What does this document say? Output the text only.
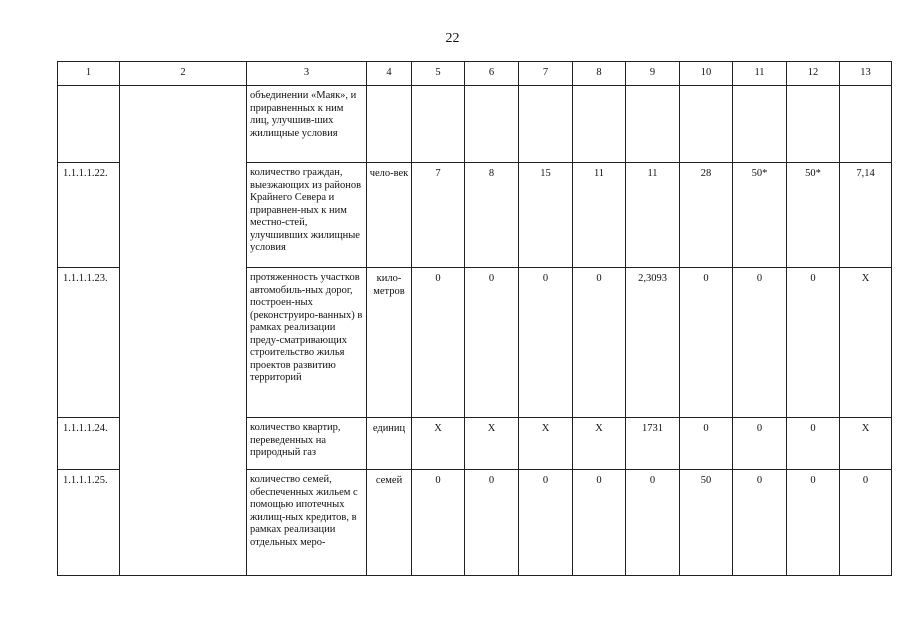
22
1	2	3	4	5	6	7	8	9	10	11	12	13
		объединении «Маяк», и приравненных к ним лиц, улучшив-ших жилищные условия										
1.1.1.1.22.		количество граждан, выезжающих из районов Крайнего Севера и приравнен-ных к ним местно-стей, улучшивших жилищные условия	чело-век	7	8	15	11	11	28	50*	50*	7,14
1.1.1.1.23.		протяженность участков автомобиль-ных дорог, построен-ных (реконструиро-ванных) в рамках реализации преду-сматривающих строительство жилья проектов развитию территорий	кило-метров	0	0	0	0	2,3093	0	0	0	X
1.1.1.1.24.		количество квартир, переведенных на природный газ	единиц	X	X	X	X	1731	0	0	0	X
1.1.1.1.25.		количество семей, обеспеченных жильем с помощью ипотечных жилищ-ных кредитов, в рамках реализации отдельных меро-	семей	0	0	0	0	0	50	0	0	0
